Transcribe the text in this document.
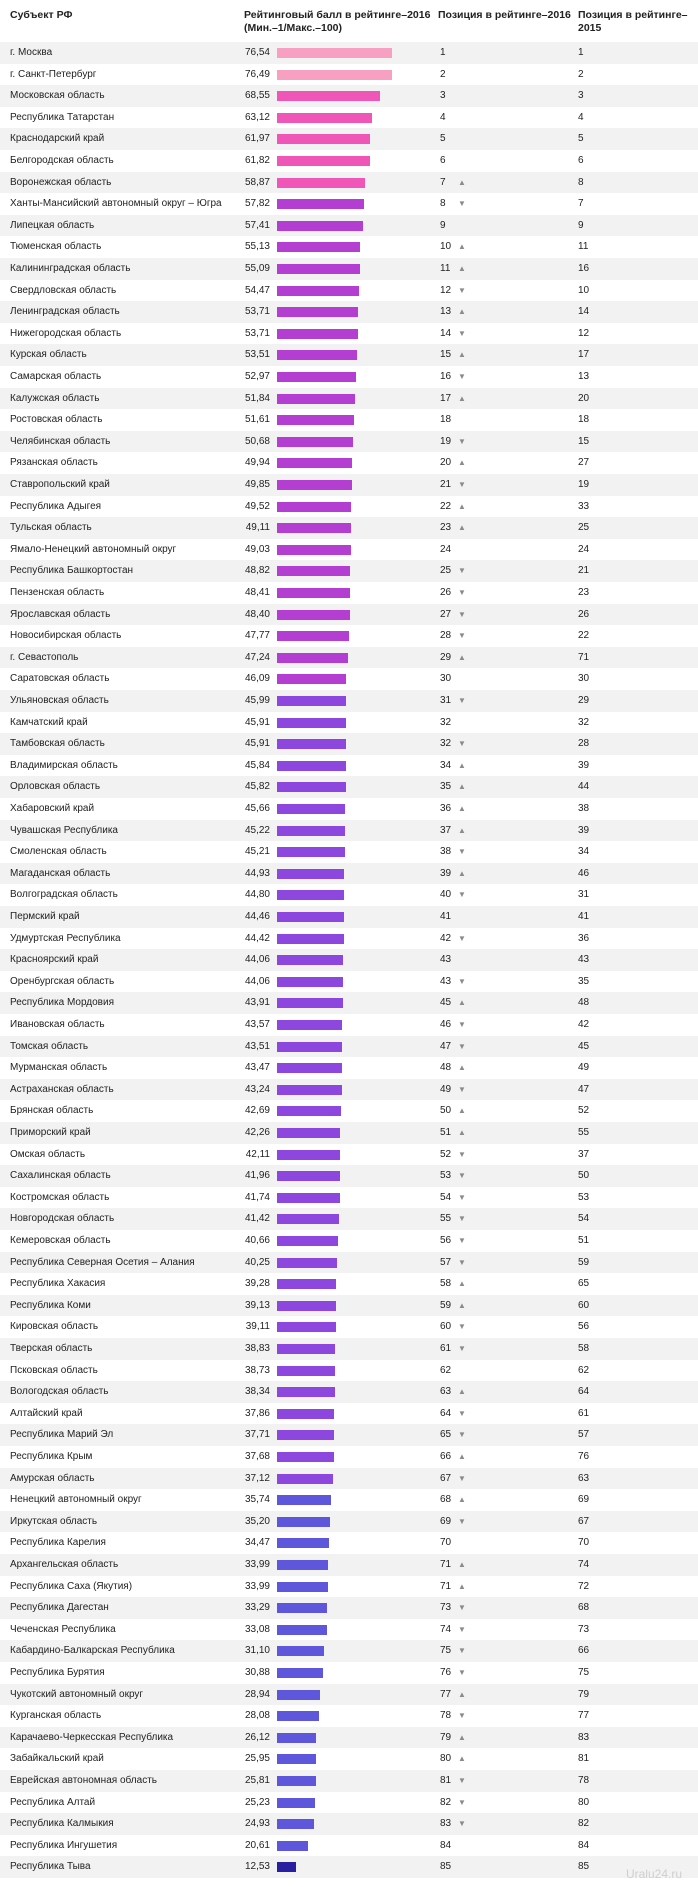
Субъект РФ	Рейтинговый балл в рейтинге–2016 (Мин.–1/Макс.–100)
Позиция в рейтинге–2016 Позиция в рейтинге–2015
г. Москва	76,54	1	1
г. Санкт-Петербург	76,49	2	2
Московская область	68,55	3	3
Республика Татарстан	63,12	4	4
Краснодарский край	61,97	5	5
Белгородская область	61,82	6	6
Воронежская область	58,87	7 ▲	8
Ханты-Мансийский автономный округ – Югра	57,82	8 ▼	7
Липецкая область	57,41	9	9
Тюменская область	55,13	10 ▲	11
Калининградская область	55,09	11 ▲	16
Свердловская область	54,47	12 ▼	10
Ленинградская область	53,71	13 ▲	14
Нижегородская область	53,71	14 ▼	12
Курская область	53,51	15 ▲	17
Самарская область	52,97	16 ▼	13
Калужская область	51,84	17 ▲	20
Ростовская область	51,61	18	18
Челябинская область	50,68	19 ▼	15
Рязанская область	49,94	20 ▲	27
Ставропольский край	49,85	21 ▼	19
Республика Адыгея	49,52	22 ▲	33
Тульская область	49,11	23 ▲	25
Ямало-Ненецкий автономный округ	49,03	24	24
Республика Башкортостан	48,82	25 ▼	21
Пензенская область	48,41	26 ▼	23
Ярославская область	48,40	27 ▼	26
Новосибирская область	47,77	28 ▼	22
г. Севастополь	47,24	29 ▲	71
Саратовская область	46,09	30	30
Ульяновская область	45,99	31 ▼	29
Камчатский край	45,91	32	32
Тамбовская область	45,91	32 ▼	28
Владимирская область	45,84	34 ▲	39
Орловская область	45,82	35 ▲	44
Хабаровский край	45,66	36 ▲	38
Чувашская Республика	45,22	37 ▲	39
Смоленская область	45,21	38 ▼	34
Магаданская область	44,93	39 ▲	46
Волгоградская область	44,80	40 ▼	31
Пермский край	44,46	41	41
Удмуртская Республика	44,42	42 ▼	36
Красноярский край	44,06	43	43
Оренбургская область	44,06	43 ▼	35
Республика Мордовия	43,91	45 ▲	48
Ивановская область	43,57	46 ▼	42
Томская область	43,51	47 ▼	45
Мурманская область	43,47	48 ▲	49
Астраханская область	43,24	49 ▼	47
Брянская область	42,69	50 ▲	52
Приморский край	42,26	51 ▲	55
Омская область	42,11	52 ▼	37
Сахалинская область	41,96	53 ▼	50
Костромская область	41,74	54 ▼	53
Новгородская область	41,42	55 ▼	54
Кемеровская область	40,66	56 ▼	51
Республика Северная Осетия – Алания	40,25	57 ▼	59
Республика Хакасия	39,28	58 ▲	65
Республика Коми	39,13	59 ▲	60
Кировская область	39,11	60 ▼	56
Тверская область	38,83	61 ▼	58
Псковская область	38,73	62	62
Вологодская область	38,34	63 ▲	64
Алтайский край	37,86	64 ▼	61
Республика Марий Эл	37,71	65 ▼	57
Республика Крым	37,68	66 ▲	76
Амурская область	37,12	67 ▼	63
Ненецкий автономный округ	35,74	68 ▲	69
Иркутская область	35,20	69 ▼	67
Республика Карелия	34,47	70	70
Архангельская область	33,99	71 ▲	74
Республика Саха (Якутия)	33,99	71 ▲	72
Республика Дагестан	33,29	73 ▼	68
Чеченская Республика	33,08	74 ▼	73
Кабардино-Балкарская Республика	31,10	75 ▼	66
Республика Бурятия	30,88	76 ▼	75
Чукотский автономный округ	28,94	77 ▲	79
Курганская область	28,08	78 ▼	77
Карачаево-Черкесская Республика	26,12	79 ▲	83
Забайкальский край	25,95	80 ▲	81
Еврейская автономная область	25,81	81 ▼	78
Республика Алтай	25,23	82 ▼	80
Республика Калмыкия	24,93	83 ▼	82
Республика Ингушетия	20,61	84	84
Республика Тыва	12,53	85	85
Uralu24.ru
